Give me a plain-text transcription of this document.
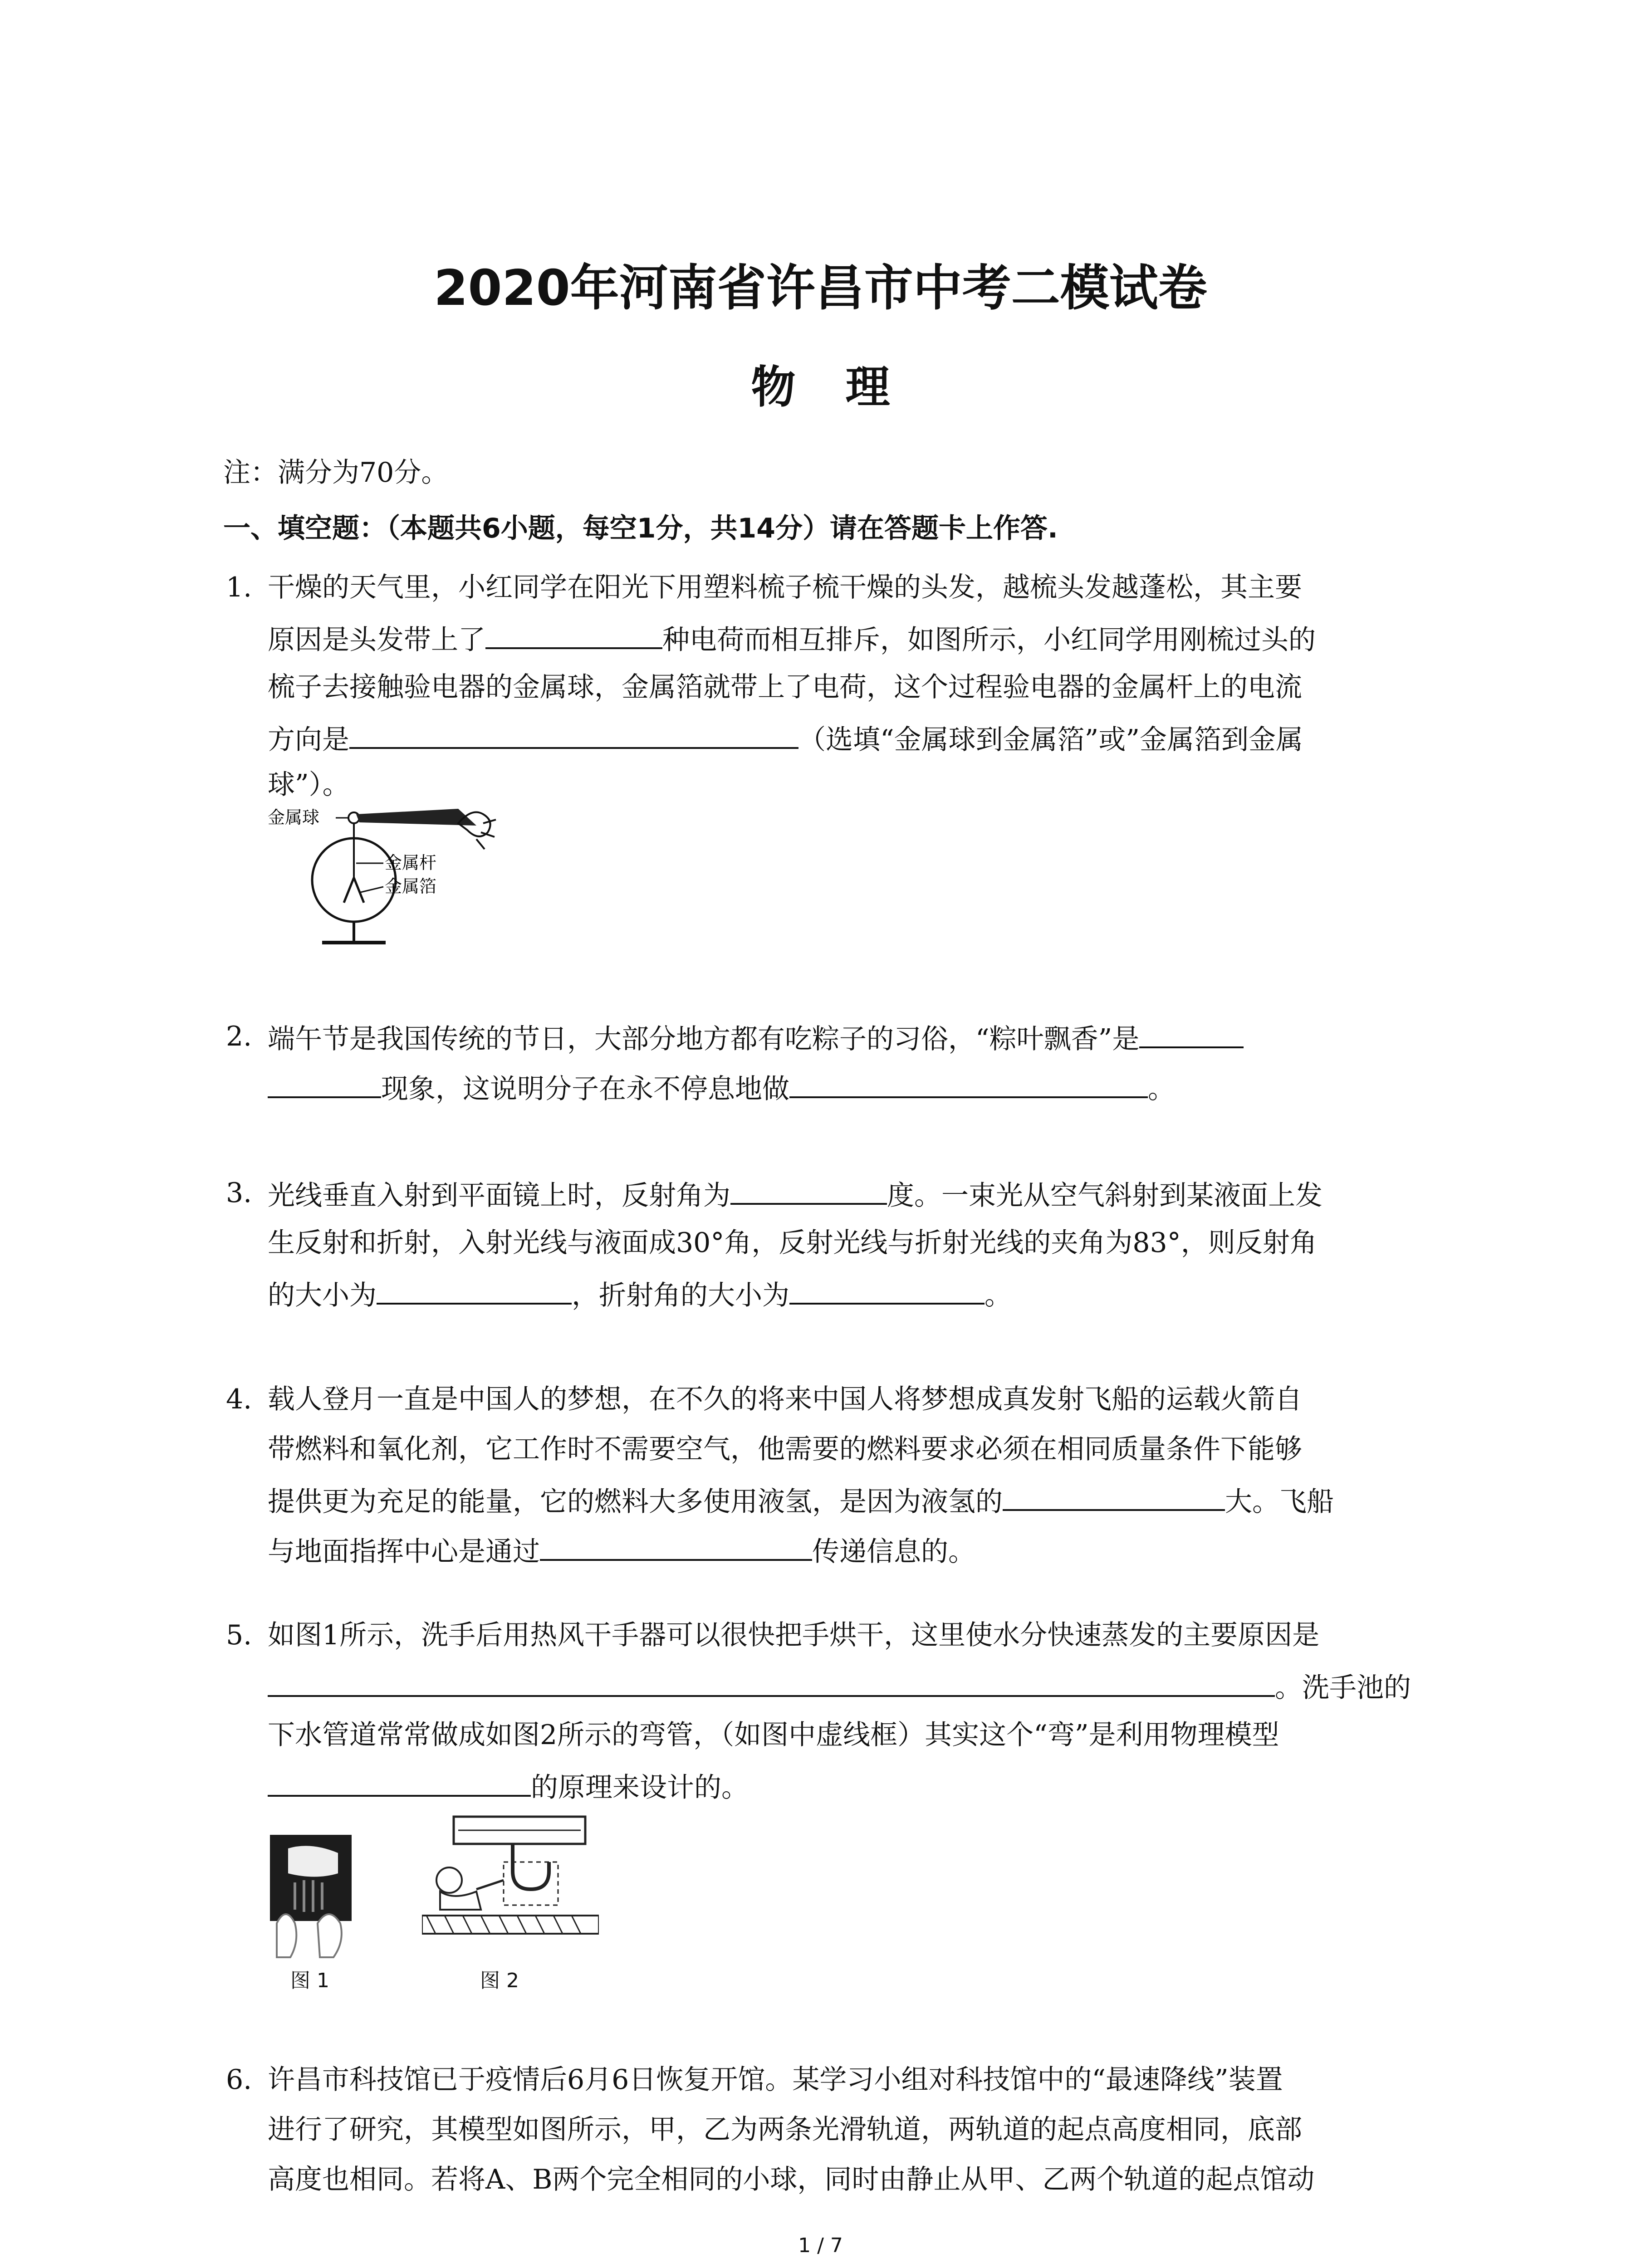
2020年河南省许昌市中考二模试卷
物理
注：满分为70分。
一、填空题：（本题共6小题，每空1分，共14分）请在答题卡上作答.
1. 干燥的天气里，小红同学在阳光下用塑料梳子梳干燥的头发，越梳头发越蓬松，其主要
原因是头发带上了	种电荷而相互排斥，如图所示，小红同学用刚梳过头的
梳子去接触验电器的金属球，金属箔就带上了电荷，这个过程验电器的金属杆上的电流
方向是	（选填“金属球到金属箔”或”金属箔到金属
球”）。
金属球
金属杆
金属箔
2. 端午节是我国传统的节日，大部分地方都有吃粽子的习俗，“粽叶飘香”是
现象，这说明分子在永不停息地做	。
3. 光线垂直入射到平面镜上时，反射角为	度。一束光从空气斜射到某液面上发
生反射和折射，入射光线与液面成30°角，反射光线与折射光线的夹角为83°，则反射角
的大小为	，折射角的大小为	。
4. 载人登月一直是中国人的梦想，在不久的将来中国人将梦想成真发射飞船的运载火箭自
带燃料和氧化剂，它工作时不需要空气，他需要的燃料要求必须在相同质量条件下能够
提供更为充足的能量，它的燃料大多使用液氢，是因为液氢的	大。飞船
与地面指挥中心是通过	传递信息的。
5. 如图1所示，洗手后用热风干手器可以很快把手烘干，这里使水分快速蒸发的主要原因是
。洗手池的
下水管道常常做成如图2所示的弯管，（如图中虚线框）其实这个“弯”是利用物理模型
的原理来设计的。
图 1	图 2
6. 许昌市科技馆已于疫情后6月6日恢复开馆。某学习小组对科技馆中的“最速降线”装置
进行了研究，其模型如图所示，甲，乙为两条光滑轨道，两轨道的起点高度相同，底部
高度也相同。若将A、B两个完全相同的小球，同时由静止从甲、乙两个轨道的起点馆动
1 / 7
